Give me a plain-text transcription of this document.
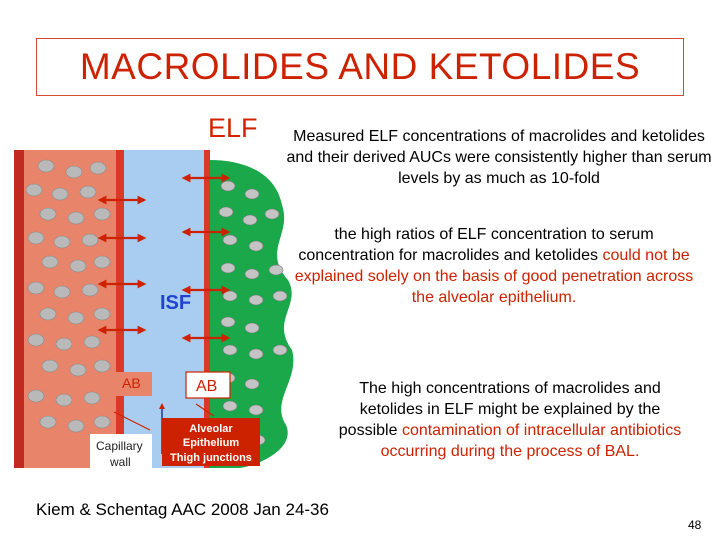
MACROLIDES AND KETOLIDES
ELF
ISF
AB	AB
Capillary
wall
Alveolar
Epithelium
Thigh junctions
Measured ELF concentrations of macrolides and ketolides and their derived AUCs were consistently higher than serum levels by as much as 10-fold
the high ratios of ELF concentration to serum concentration for macrolides and ketolides could not be explained solely on the basis of good penetration across the alveolar epithelium.
The high concentrations of macrolides and ketolides in ELF might be explained by the possible contamination of intracellular antibiotics occurring during the process of BAL.
Kiem & Schentag AAC 2008 Jan 24-36
48
